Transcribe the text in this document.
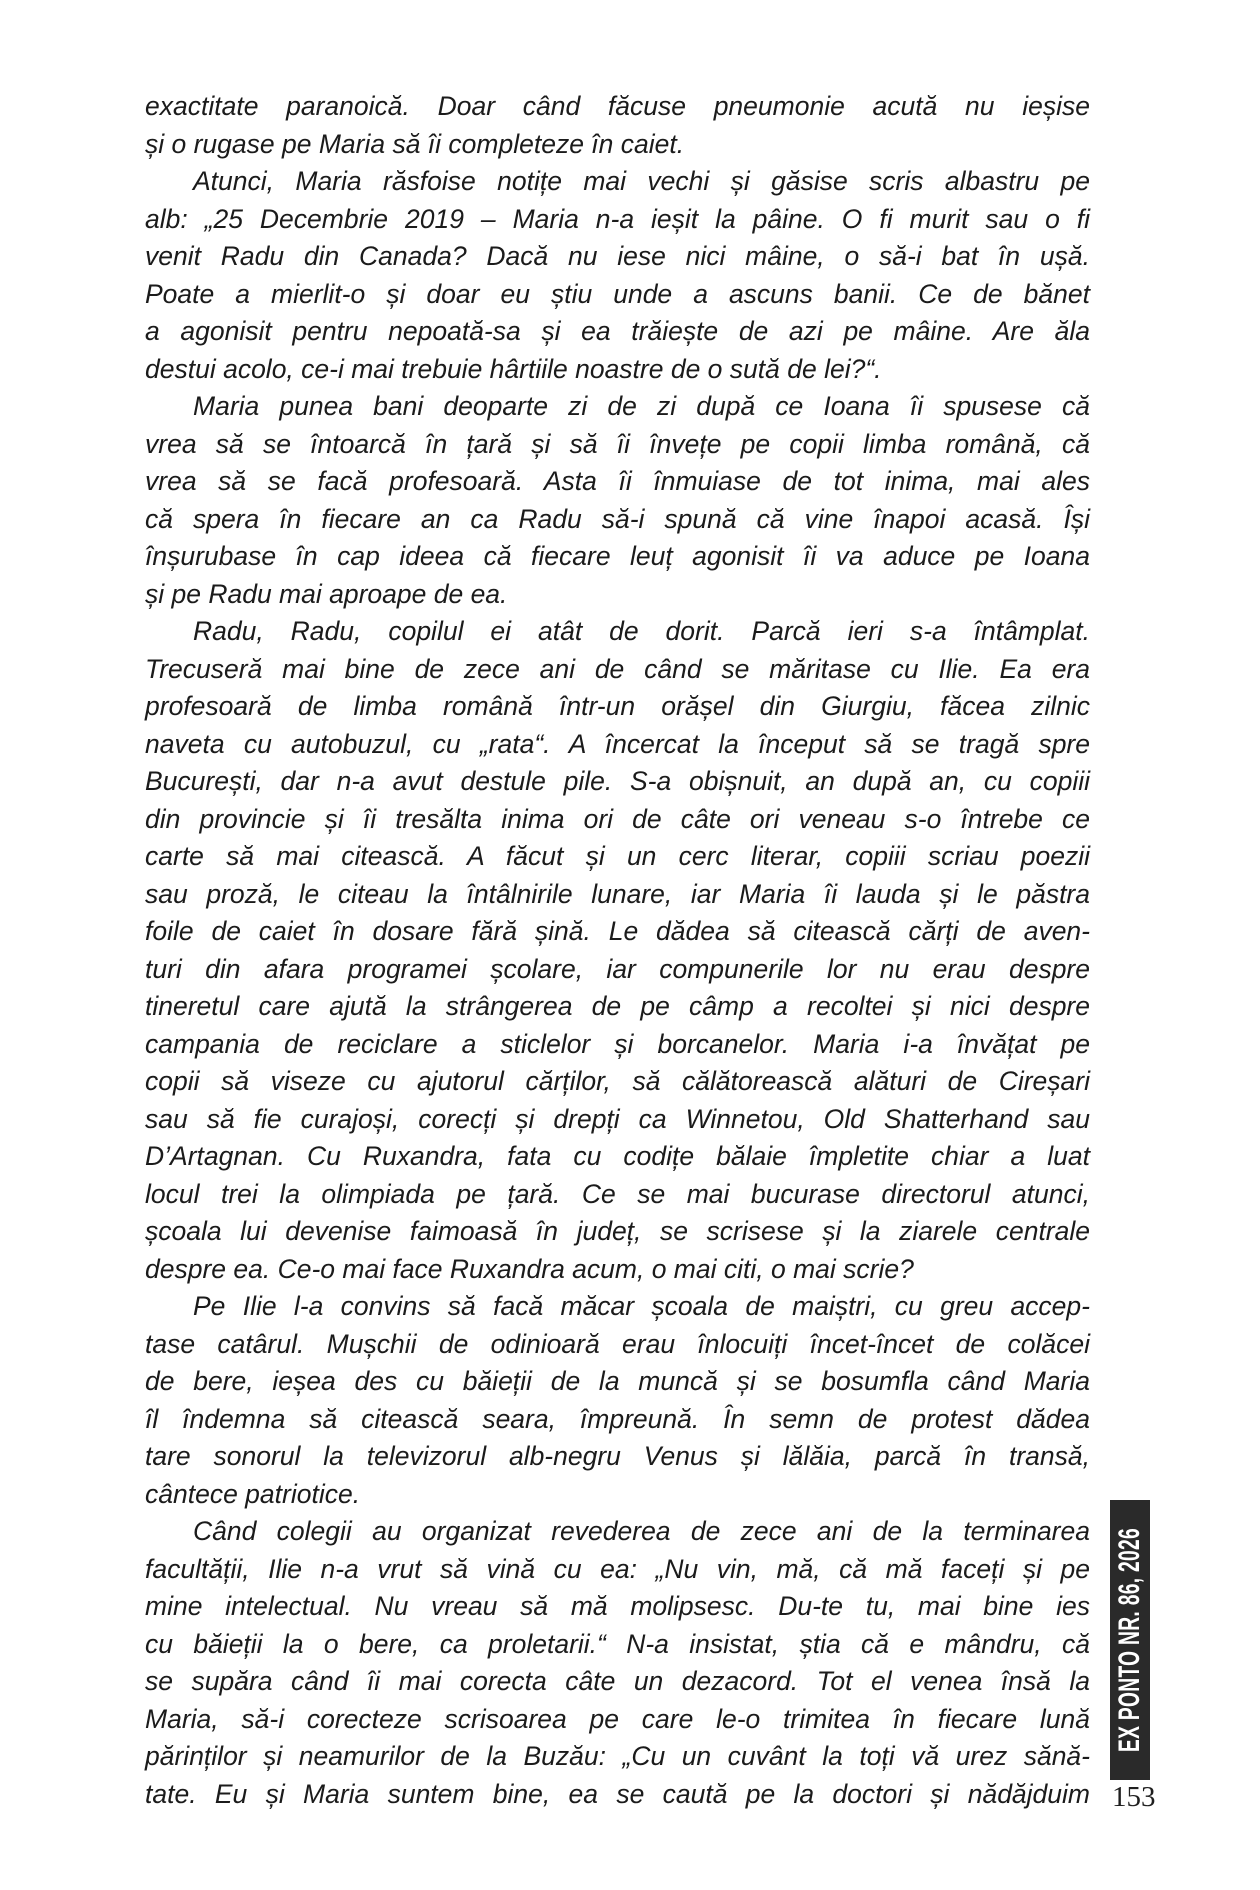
exactitate paranoică. Doar când făcuse pneumonie acută nu ieșise
și o rugase pe Maria să îi completeze în caiet.
Atunci, Maria răsfoise notițe mai vechi și găsise scris albastru pe
alb: „25 Decembrie 2019 – Maria n-a ieșit la pâine. O fi murit sau o fi
venit Radu din Canada? Dacă nu iese nici mâine, o să-i bat în ușă.
Poate a mierlit-o și doar eu știu unde a ascuns banii. Ce de bănet
a agonisit pentru nepoată-sa și ea trăiește de azi pe mâine. Are ăla
destui acolo, ce-i mai trebuie hârtiile noastre de o sută de lei?“.
Maria punea bani deoparte zi de zi după ce Ioana îi spusese că
vrea să se întoarcă în țară și să îi învețe pe copii limba română, că
vrea să se facă profesoară. Asta îi înmuiase de tot inima, mai ales
că spera în fiecare an ca Radu să-i spună că vine înapoi acasă. Își
înșurubase în cap ideea că fiecare leuț agonisit îi va aduce pe Ioana
și pe Radu mai aproape de ea.
Radu, Radu, copilul ei atât de dorit. Parcă ieri s-a întâmplat.
Trecuseră mai bine de zece ani de când se măritase cu Ilie. Ea era
profesoară de limba română într-un orășel din Giurgiu, făcea zilnic
naveta cu autobuzul, cu „rata“. A încercat la început să se tragă spre
București, dar n-a avut destule pile. S-a obișnuit, an după an, cu copiii
din provincie și îi tresălta inima ori de câte ori veneau s-o întrebe ce
carte să mai citească. A făcut și un cerc literar, copiii scriau poezii
sau proză, le citeau la întâlnirile lunare, iar Maria îi lauda și le păstra
foile de caiet în dosare fără șină. Le dădea să citească cărți de aven-
turi din afara programei școlare, iar compunerile lor nu erau despre
tineretul care ajută la strângerea de pe câmp a recoltei și nici despre
campania de reciclare a sticlelor și borcanelor. Maria i-a învățat pe
copii să viseze cu ajutorul cărților, să călătorească alături de Cireșari
sau să fie curajoși, corecți și drepți ca Winnetou, Old Shatterhand sau
D’Artagnan. Cu Ruxandra, fata cu codițe bălaie împletite chiar a luat
locul trei la olimpiada pe țară. Ce se mai bucurase directorul atunci,
școala lui devenise faimoasă în județ, se scrisese și la ziarele centrale
despre ea. Ce-o mai face Ruxandra acum, o mai citi, o mai scrie?
Pe Ilie l-a convins să facă măcar școala de maiștri, cu greu accep-
tase catârul. Mușchii de odinioară erau înlocuiți încet-încet de colăcei
de bere, ieșea des cu băieții de la muncă și se bosumfla când Maria
îl îndemna să citească seara, împreună. În semn de protest dădea
tare sonorul la televizorul alb-negru Venus și lălăia, parcă în transă,
cântece patriotice.
Când colegii au organizat revederea de zece ani de la terminarea
facultății, Ilie n-a vrut să vină cu ea: „Nu vin, mă, că mă faceți și pe
mine intelectual. Nu vreau să mă molipsesc. Du-te tu, mai bine ies
cu băieții la o bere, ca proletarii.“ N-a insistat, știa că e mândru, că
se supăra când îi mai corecta câte un dezacord. Tot el venea însă la
Maria, să-i corecteze scrisoarea pe care le-o trimitea în fiecare lună
părinților și neamurilor de la Buzău: „Cu un cuvânt la toți vă urez sănă-
tate. Eu și Maria suntem bine, ea se caută pe la doctori și nădăjduim
EX PONTO NR. 86, 2026
153
